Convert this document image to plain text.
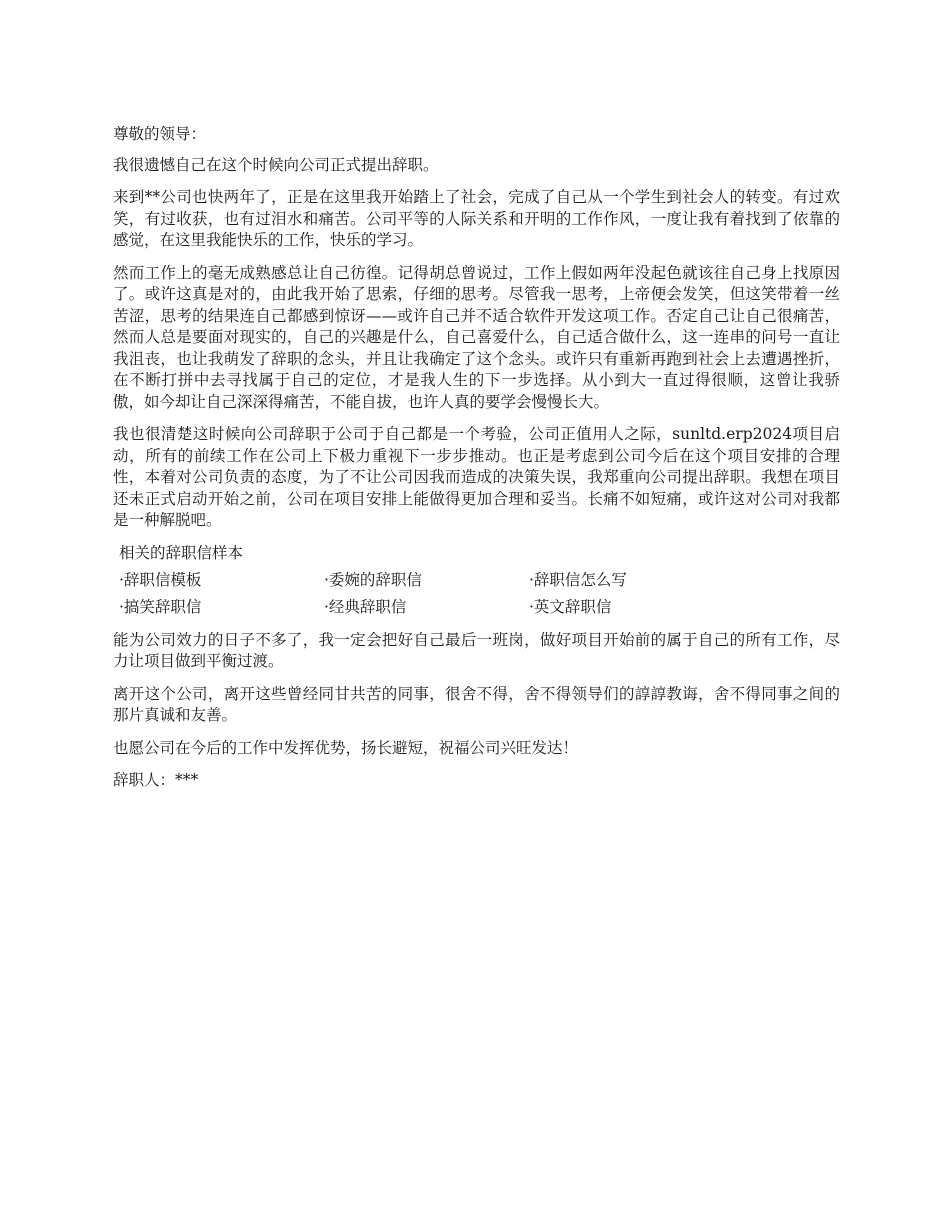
尊敬的领导：

我很遗憾自己在这个时候向公司正式提出辞职。

来到**公司也快两年了，正是在这里我开始踏上了社会，完成了自己从一个学生到社会人的转变。有过欢笑，有过收获，也有过泪水和痛苦。公司平等的人际关系和开明的工作作风，一度让我有着找到了依靠的感觉，在这里我能快乐的工作，快乐的学习。

然而工作上的毫无成熟感总让自己彷徨。记得胡总曾说过，工作上假如两年没起色就该往自己身上找原因了。或许这真是对的，由此我开始了思索，仔细的思考。尽管我一思考，上帝便会发笑，但这笑带着一丝苦涩，思考的结果连自己都感到惊讶——或许自己并不适合软件开发这项工作。否定自己让自己很痛苦，然而人总是要面对现实的，自己的兴趣是什么，自己喜爱什么，自己适合做什么，这一连串的问号一直让我沮丧，也让我萌发了辞职的念头，并且让我确定了这个念头。或许只有重新再跑到社会上去遭遇挫折，在不断打拼中去寻找属于自己的定位，才是我人生的下一步选择。从小到大一直过得很顺，这曾让我骄傲，如今却让自己深深得痛苦，不能自拔，也许人真的要学会慢慢长大。

我也很清楚这时候向公司辞职于公司于自己都是一个考验，公司正值用人之际，sunltd.erp2024项目启动，所有的前续工作在公司上下极力重视下一步步推动。也正是考虑到公司今后在这个项目安排的合理性，本着对公司负责的态度，为了不让公司因我而造成的决策失误，我郑重向公司提出辞职。我想在项目还未正式启动开始之前，公司在项目安排上能做得更加合理和妥当。长痛不如短痛，或许这对公司对我都是一种解脱吧。

相关的辞职信样本
·辞职信模板	·委婉的辞职信	·辞职信怎么写
·搞笑辞职信	·经典辞职信	·英文辞职信

能为公司效力的日子不多了，我一定会把好自己最后一班岗，做好项目开始前的属于自己的所有工作，尽力让项目做到平衡过渡。

离开这个公司，离开这些曾经同甘共苦的同事，很舍不得，舍不得领导们的諄諄教诲，舍不得同事之间的那片真诚和友善。

也愿公司在今后的工作中发挥优势，扬长避短，祝福公司兴旺发达！

辞职人：***
